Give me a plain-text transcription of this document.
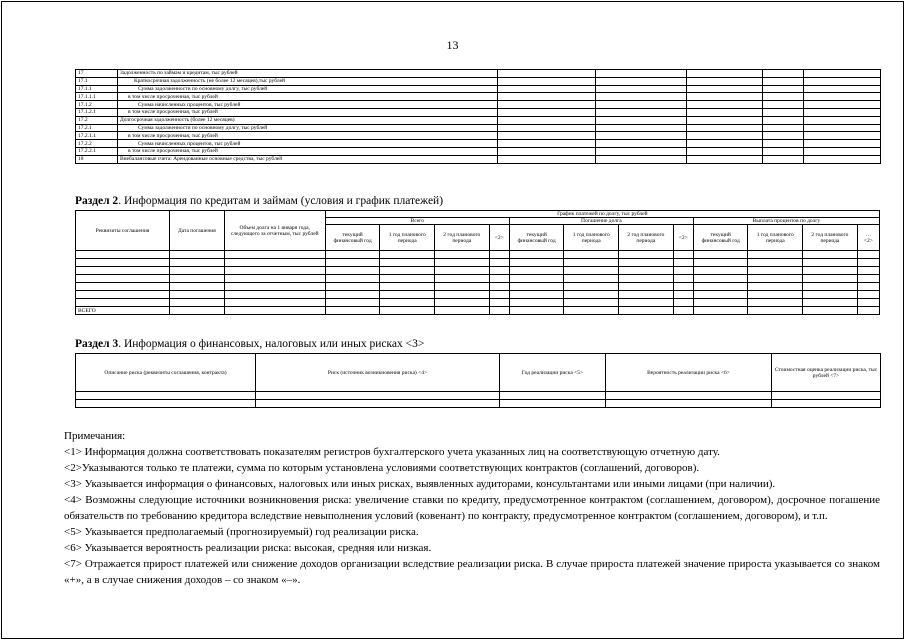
13
17	Задолженность по займам и кредитам, тыс рублей					
17.1	Краткосрочная задолженность (не более 12 месяцев),тыс рублей					
17.1.1	Сумма задолженности по основному долгу, тыс рублей					
17.1.1.1	в том числе просроченная, тыс рублей					
17.1.2	Сумма начисленных процентов, тыс рублей					
17.1.2.1	в том числе просроченная, тыс рублей					
17.2	Долгосрочная задолженность (более 12 месяцев)					
17.2.1	Сумма задолженности по основному долгу, тыс рублей					
17.2.1.1	в том числе просроченная, тыс рублей					
17.2.2	Сумма начисленных процентов, тыс рублей					
17.2.2.1	в том числе просроченная, тыс рублей					
18	Внебалансовые счета: Арендованные основные средства, тыс рублей					
Раздел 2. Информация по кредитам и займам (условия и график платежей)
Реквизиты соглашения	Дата погашения	Объем долга на 1 января года, следующего за отчетным, тыс рублей	График платежей по долгу, тыс рублей											
			Всего				Погашение долга				Выплата процентов по долгу			
			текущий финансовый год	1 год планового периода	2 год планового периода	<2>	текущий финансовый год	1 год планового периода	2 год планового периода	<2>	текущий финансовый год	1 год планового периода	2 год планового периода	…
<2>

ВСЕГО														
Раздел 3. Информация о финансовых, налоговых или иных рисках <3>
Описание риска (реквизиты соглашения, контракта)	Риск (источник возникновения риска) <4>	Год реализации риска <5>	Вероятность реализации риска <6>	Стоимостная оценка реализации риска, тыс рублей <7>

Примечания:

<1> Информация должна соответствовать показателям регистров бухгалтерского учета указанных лиц на соответствующую отчетную дату.

<2>Указываются только те платежи, сумма по которым установлена условиями соответствующих контрактов (соглашений, договоров).

<3> Указывается информация о финансовых, налоговых или иных рисках, выявленных аудиторами, консультантами или иными лицами (при наличии).

<4> Возможны следующие источники возникновения риска: увеличение ставки по кредиту, предусмотренное контрактом (соглашением, договором), досрочное погашение обязательств по требованию кредитора вследствие невыполнения условий (ковенант) по контракту, предусмотренное контрактом (соглашением, договором), и т.п.

<5> Указывается предполагаемый (прогнозируемый) год реализации риска.

<6> Указывается вероятность реализации риска: высокая, средняя или низкая.

<7> Отражается прирост платежей или снижение доходов организации вследствие реализации риска. В случае прироста платежей значение прироста указывается со знаком «+», а в случае снижения доходов – со знаком «–».
